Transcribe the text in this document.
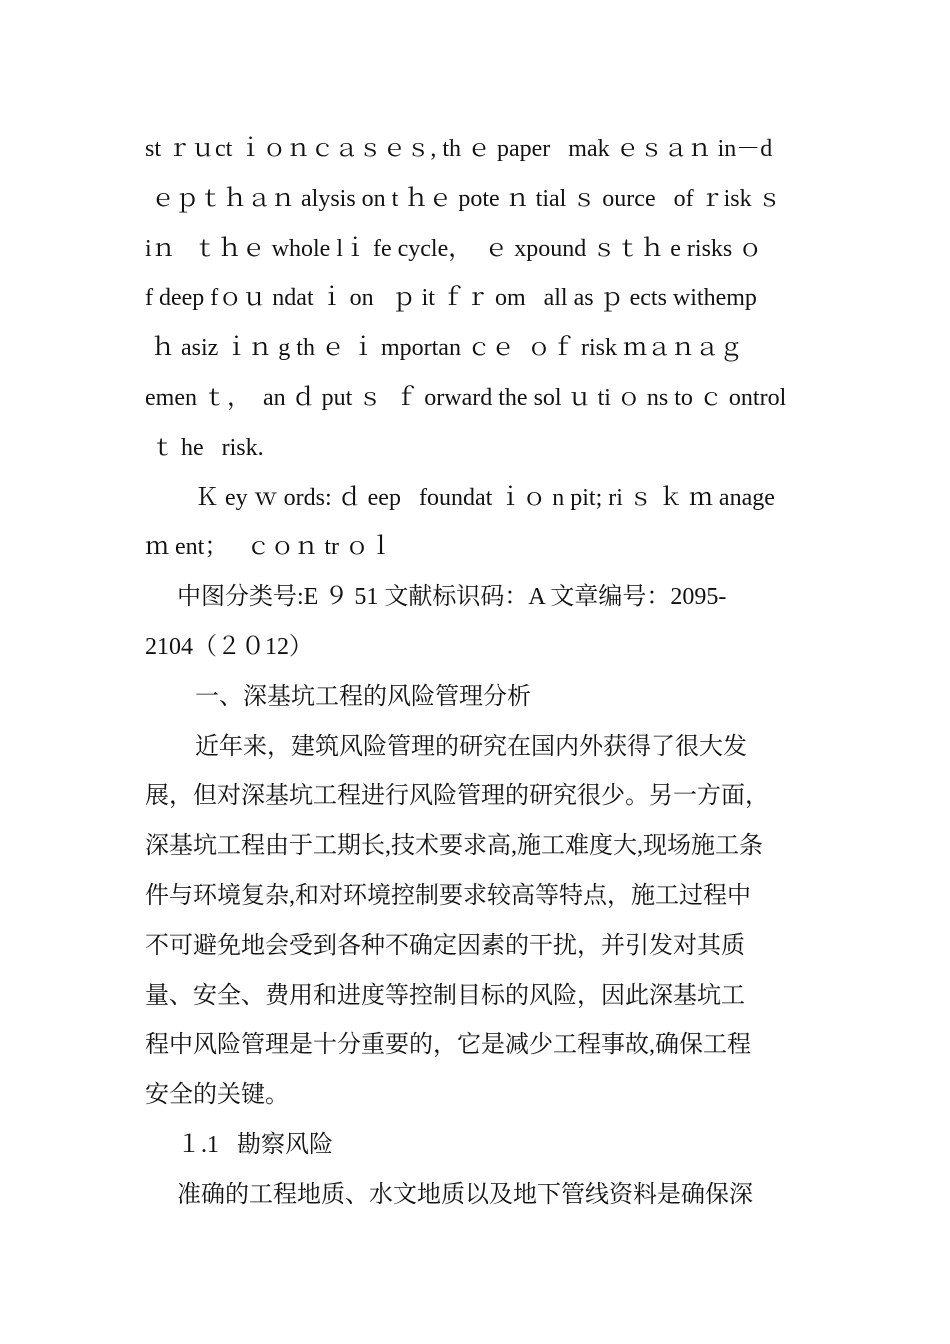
st ｒｕct ｉｏｎｃａｓｅｓ, th ｅ paper   mak ｅｓａｎ in－d
ｅｐｔｈａｎ alysis on t ｈｅ pote ｎ tial ｓ ource   of ｒisk ｓ
iｎ   ｔｈｅ whole lｉ fe cycle，  ｅ xpound ｓｔｈ e risks ｏ
f deep fｏｕ ndat ｉ on   ｐ it ｆｒ om   all as ｐ ects withemp
ｈ asiz ｉｎ g th ｅ ｉ mportan ｃｅ  ｏｆ risk ｍａｎａｇ
emen ｔ，  an ｄ put ｓ  ｆ orward the sol ｕ ti ｏ ns to ｃ ontrol
ｔ he   risk.
Ｋ ey ｗ ords: ｄ eep   foundat ｉｏ n pit; ri ｓ ｋ ｍ anage
ｍ ent；   ｃｏｎ tr ｏｌ
中图分类号:E ９ 51 文献标识码：A 文章编号：2095-
2104（２０12）
一、深基坑工程的风险管理分析
近年来，建筑风险管理的研究在国内外获得了很大发
展，但对深基坑工程进行风险管理的研究很少。另一方面，
深基坑工程由于工期长,技术要求高,施工难度大,现场施工条
件与环境复杂,和对环境控制要求较高等特点，施工过程中
不可避免地会受到各种不确定因素的干扰，并引发对其质
量、安全、费用和进度等控制目标的风险，因此深基坑工
程中风险管理是十分重要的，它是减少工程事故,确保工程
安全的关键。
１.1   勘察风险
准确的工程地质、水文地质以及地下管线资料是确保深
